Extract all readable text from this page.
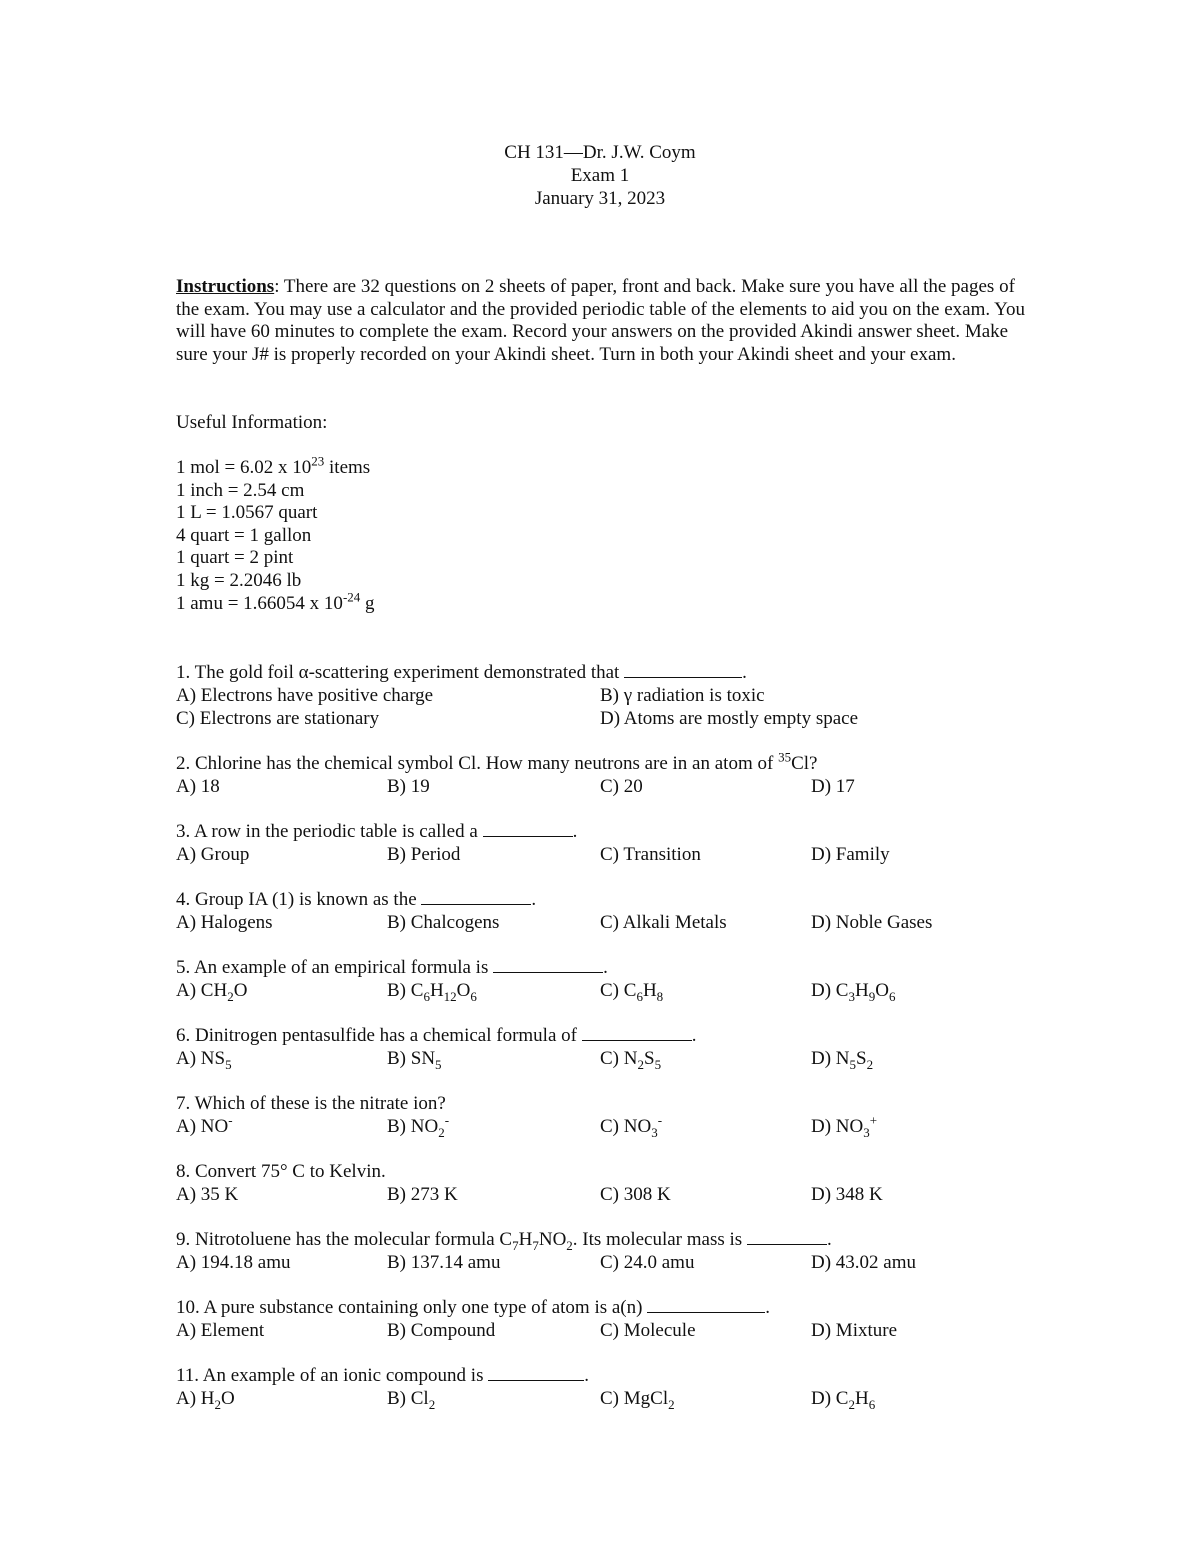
CH 131—Dr. J.W. Coym
Exam 1
January 31, 2023
Instructions: There are 32 questions on 2 sheets of paper, front and back. Make sure you have all the pages of the exam. You may use a calculator and the provided periodic table of the elements to aid you on the exam. You will have 60 minutes to complete the exam. Record your answers on the provided Akindi answer sheet. Make sure your J# is properly recorded on your Akindi sheet. Turn in both your Akindi sheet and your exam.
Useful Information:
1 mol = 6.02 x $10^{23}$ items
1 inch = 2.54 cm
1 L = 1.0567 quart
4 quart = 1 gallon
1 quart = 2 pint
1 kg = 2.2046 lb
1 amu = 1.66054 x $10^{-24}$ g
1. The gold foil α-scattering experiment demonstrated that	.
A) Electrons have positive charge	B) γ radiation is toxic
C) Electrons are stationary	D) Atoms are mostly empty space
2. Chlorine has the chemical symbol Cl. How many neutrons are in an atom of $^{35}$Cl?
A) 18	B) 19	C) 20	D) 17
3. A row in the periodic table is called a	.
A) Group	B) Period	C) Transition	D) Family
4. Group IA (1) is known as the	.
A) Halogens	B) Chalcogens	C) Alkali Metals	D) Noble Gases
5. An example of an empirical formula is	.
A) $CH_2O$	B) $C_6H_{12}O_6$	C) $C_6H_8$	D) $C_3H_9O_6$
6. Dinitrogen pentasulfide has a chemical formula of	.
A) $NS_5$	B) $SN_5$	C) $N_2S_5$	D) $N_5S_2$
7. Which of these is the nitrate ion?
A) NO-	B) $NO_2^-$	C) $NO_3^-$	D) $NO_3^+$
8. Convert 75° C to Kelvin.
A) 35 K	B) 273 K	C) 308 K	D) 348 K
9. Nitrotoluene has the molecular formula $C_7H_7NO_2$. Its molecular mass is	.
A) 194.18 amu	B) 137.14 amu	C) 24.0 amu	D) 43.02 amu
10. A pure substance containing only one type of atom is a(n)	.
A) Element	B) Compound	C) Molecule	D) Mixture
11. An example of an ionic compound is	.
A) $H_2O$	B) $Cl_2$	C) MgCl$_2$	D) $C_2H_6$
